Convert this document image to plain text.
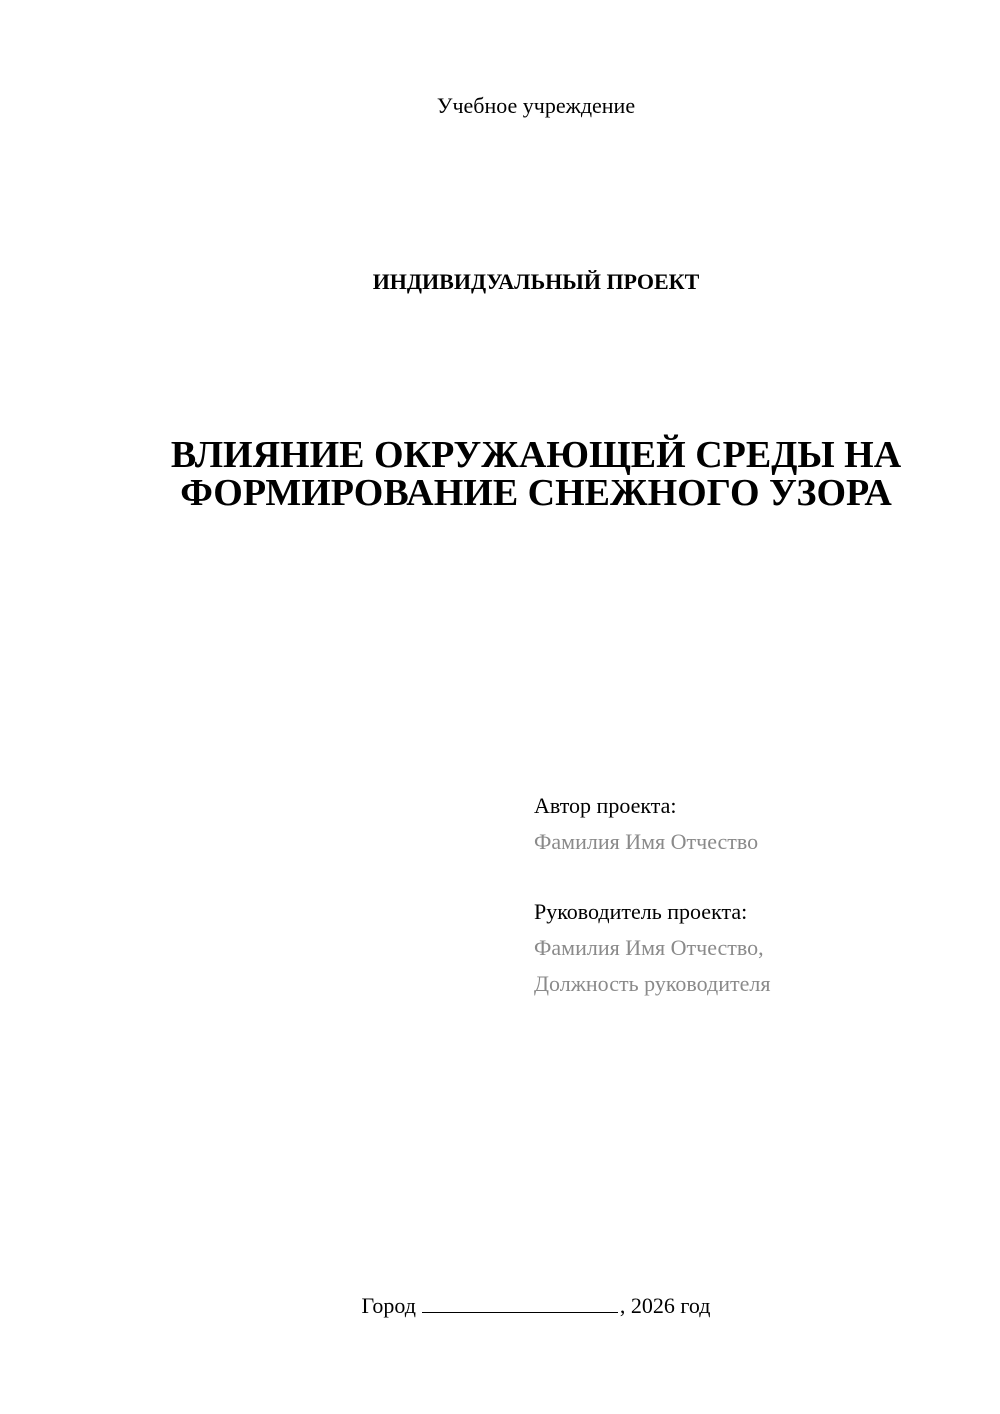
Учебное учреждение
ИНДИВИДУАЛЬНЫЙ ПРОЕКТ
ВЛИЯНИЕ ОКРУЖАЮЩЕЙ СРЕДЫ НА
ФОРМИРОВАНИЕ СНЕЖНОГО УЗОРА
Автор проекта:
Фамилия Имя Отчество
Руководитель проекта:
Фамилия Имя Отчество,
Должность руководителя
Город	, 2026 год
